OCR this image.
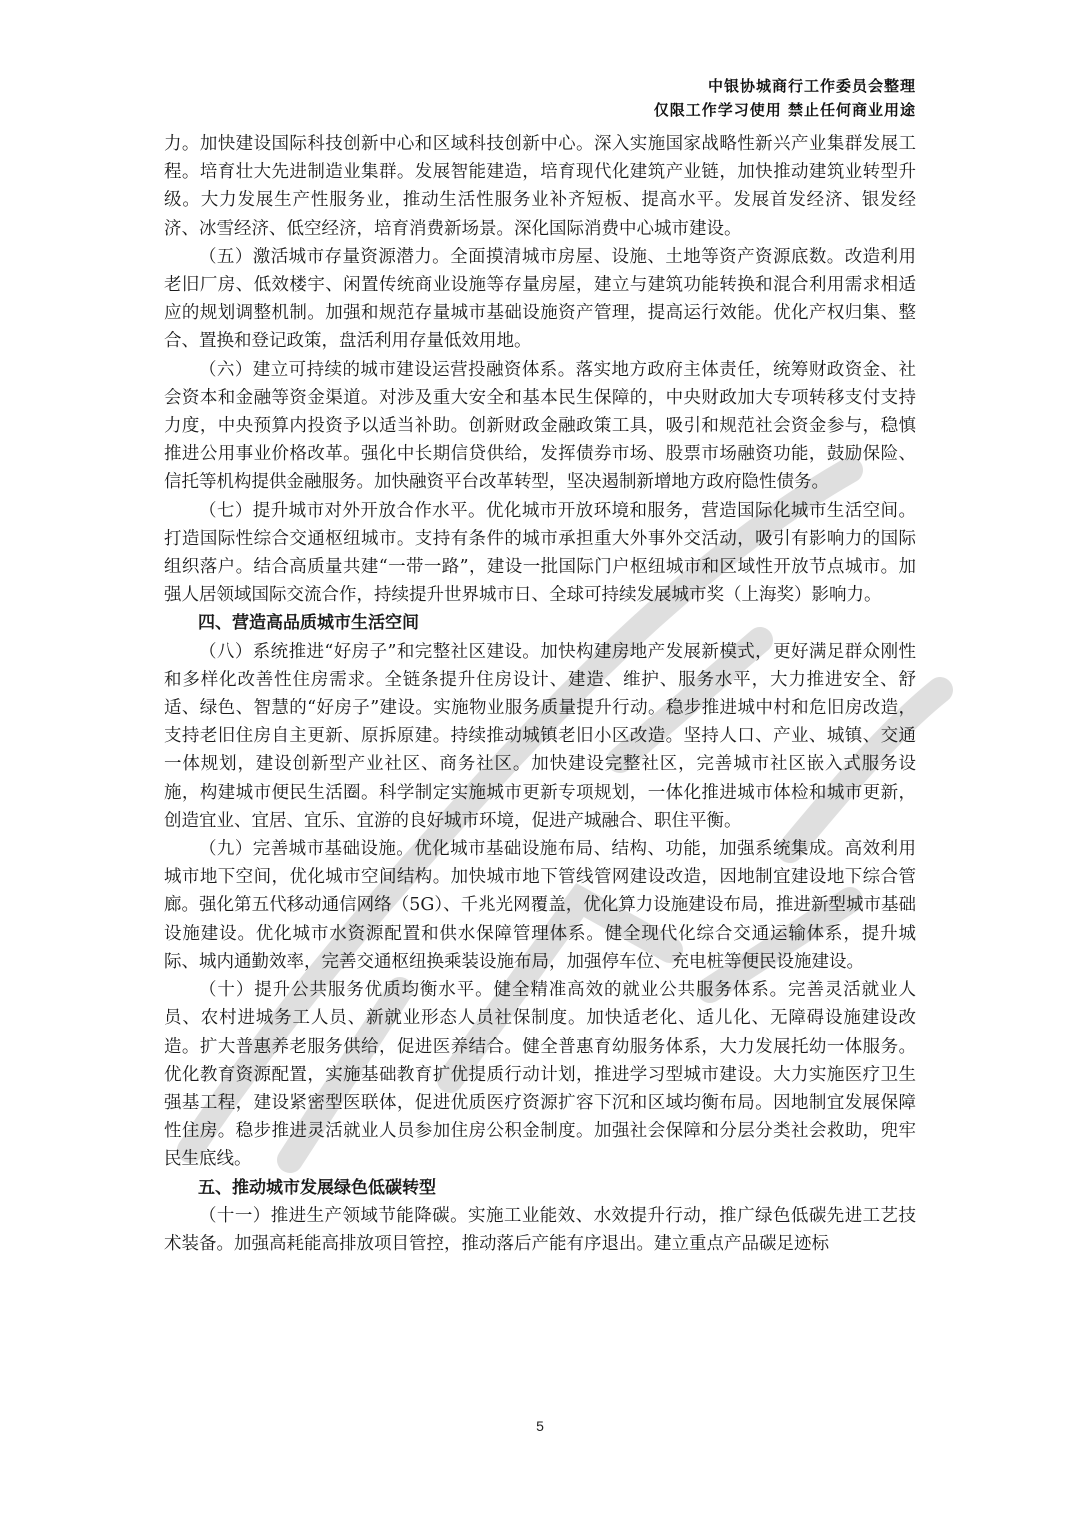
中银协城商行工作委员会整理
仅限工作学习使用 禁止任何商业用途

力。加快建设国际科技创新中心和区域科技创新中心。深入实施国家战略性新兴产业集群发展工程。培育壮大先进制造业集群。发展智能建造，培育现代化建筑产业链，加快推动建筑业转型升级。大力发展生产性服务业，推动生活性服务业补齐短板、提高水平。发展首发经济、银发经济、冰雪经济、低空经济，培育消费新场景。深化国际消费中心城市建设。

（五）激活城市存量资源潜力。全面摸清城市房屋、设施、土地等资产资源底数。改造利用老旧厂房、低效楼宇、闲置传统商业设施等存量房屋，建立与建筑功能转换和混合利用需求相适应的规划调整机制。加强和规范存量城市基础设施资产管理，提高运行效能。优化产权归集、整合、置换和登记政策，盘活利用存量低效用地。

（六）建立可持续的城市建设运营投融资体系。落实地方政府主体责任，统筹财政资金、社会资本和金融等资金渠道。对涉及重大安全和基本民生保障的，中央财政加大专项转移支付支持力度，中央预算内投资予以适当补助。创新财政金融政策工具，吸引和规范社会资金参与，稳慎推进公用事业价格改革。强化中长期信贷供给，发挥债券市场、股票市场融资功能，鼓励保险、信托等机构提供金融服务。加快融资平台改革转型，坚决遏制新增地方政府隐性债务。

（七）提升城市对外开放合作水平。优化城市开放环境和服务，营造国际化城市生活空间。打造国际性综合交通枢纽城市。支持有条件的城市承担重大外事外交活动，吸引有影响力的国际组织落户。结合高质量共建“一带一路”，建设一批国际门户枢纽城市和区域性开放节点城市。加强人居领域国际交流合作，持续提升世界城市日、全球可持续发展城市奖（上海奖）影响力。

四、营造高品质城市生活空间

（八）系统推进“好房子”和完整社区建设。加快构建房地产发展新模式，更好满足群众刚性和多样化改善性住房需求。全链条提升住房设计、建造、维护、服务水平，大力推进安全、舒适、绿色、智慧的“好房子”建设。实施物业服务质量提升行动。稳步推进城中村和危旧房改造，支持老旧住房自主更新、原拆原建。持续推动城镇老旧小区改造。坚持人口、产业、城镇、交通一体规划，建设创新型产业社区、商务社区。加快建设完整社区，完善城市社区嵌入式服务设施，构建城市便民生活圈。科学制定实施城市更新专项规划，一体化推进城市体检和城市更新，创造宜业、宜居、宜乐、宜游的良好城市环境，促进产城融合、职住平衡。

（九）完善城市基础设施。优化城市基础设施布局、结构、功能，加强系统集成。高效利用城市地下空间，优化城市空间结构。加快城市地下管线管网建设改造，因地制宜建设地下综合管廊。强化第五代移动通信网络（5G）、千兆光网覆盖，优化算力设施建设布局，推进新型城市基础设施建设。优化城市水资源配置和供水保障管理体系。健全现代化综合交通运输体系，提升城际、城内通勤效率，完善交通枢纽换乘装设施布局，加强停车位、充电桩等便民设施建设。

（十）提升公共服务优质均衡水平。健全精准高效的就业公共服务体系。完善灵活就业人员、农村进城务工人员、新就业形态人员社保制度。加快适老化、适儿化、无障碍设施建设改造。扩大普惠养老服务供给，促进医养结合。健全普惠育幼服务体系，大力发展托幼一体服务。优化教育资源配置，实施基础教育扩优提质行动计划，推进学习型城市建设。大力实施医疗卫生强基工程，建设紧密型医联体，促进优质医疗资源扩容下沉和区域均衡布局。因地制宜发展保障性住房。稳步推进灵活就业人员参加住房公积金制度。加强社会保障和分层分类社会救助，兜牢民生底线。

五、推动城市发展绿色低碳转型

（十一）推进生产领域节能降碳。实施工业能效、水效提升行动，推广绿色低碳先进工艺技术装备。加强高耗能高排放项目管控，推动落后产能有序退出。建立重点产品碳足迹标

5
